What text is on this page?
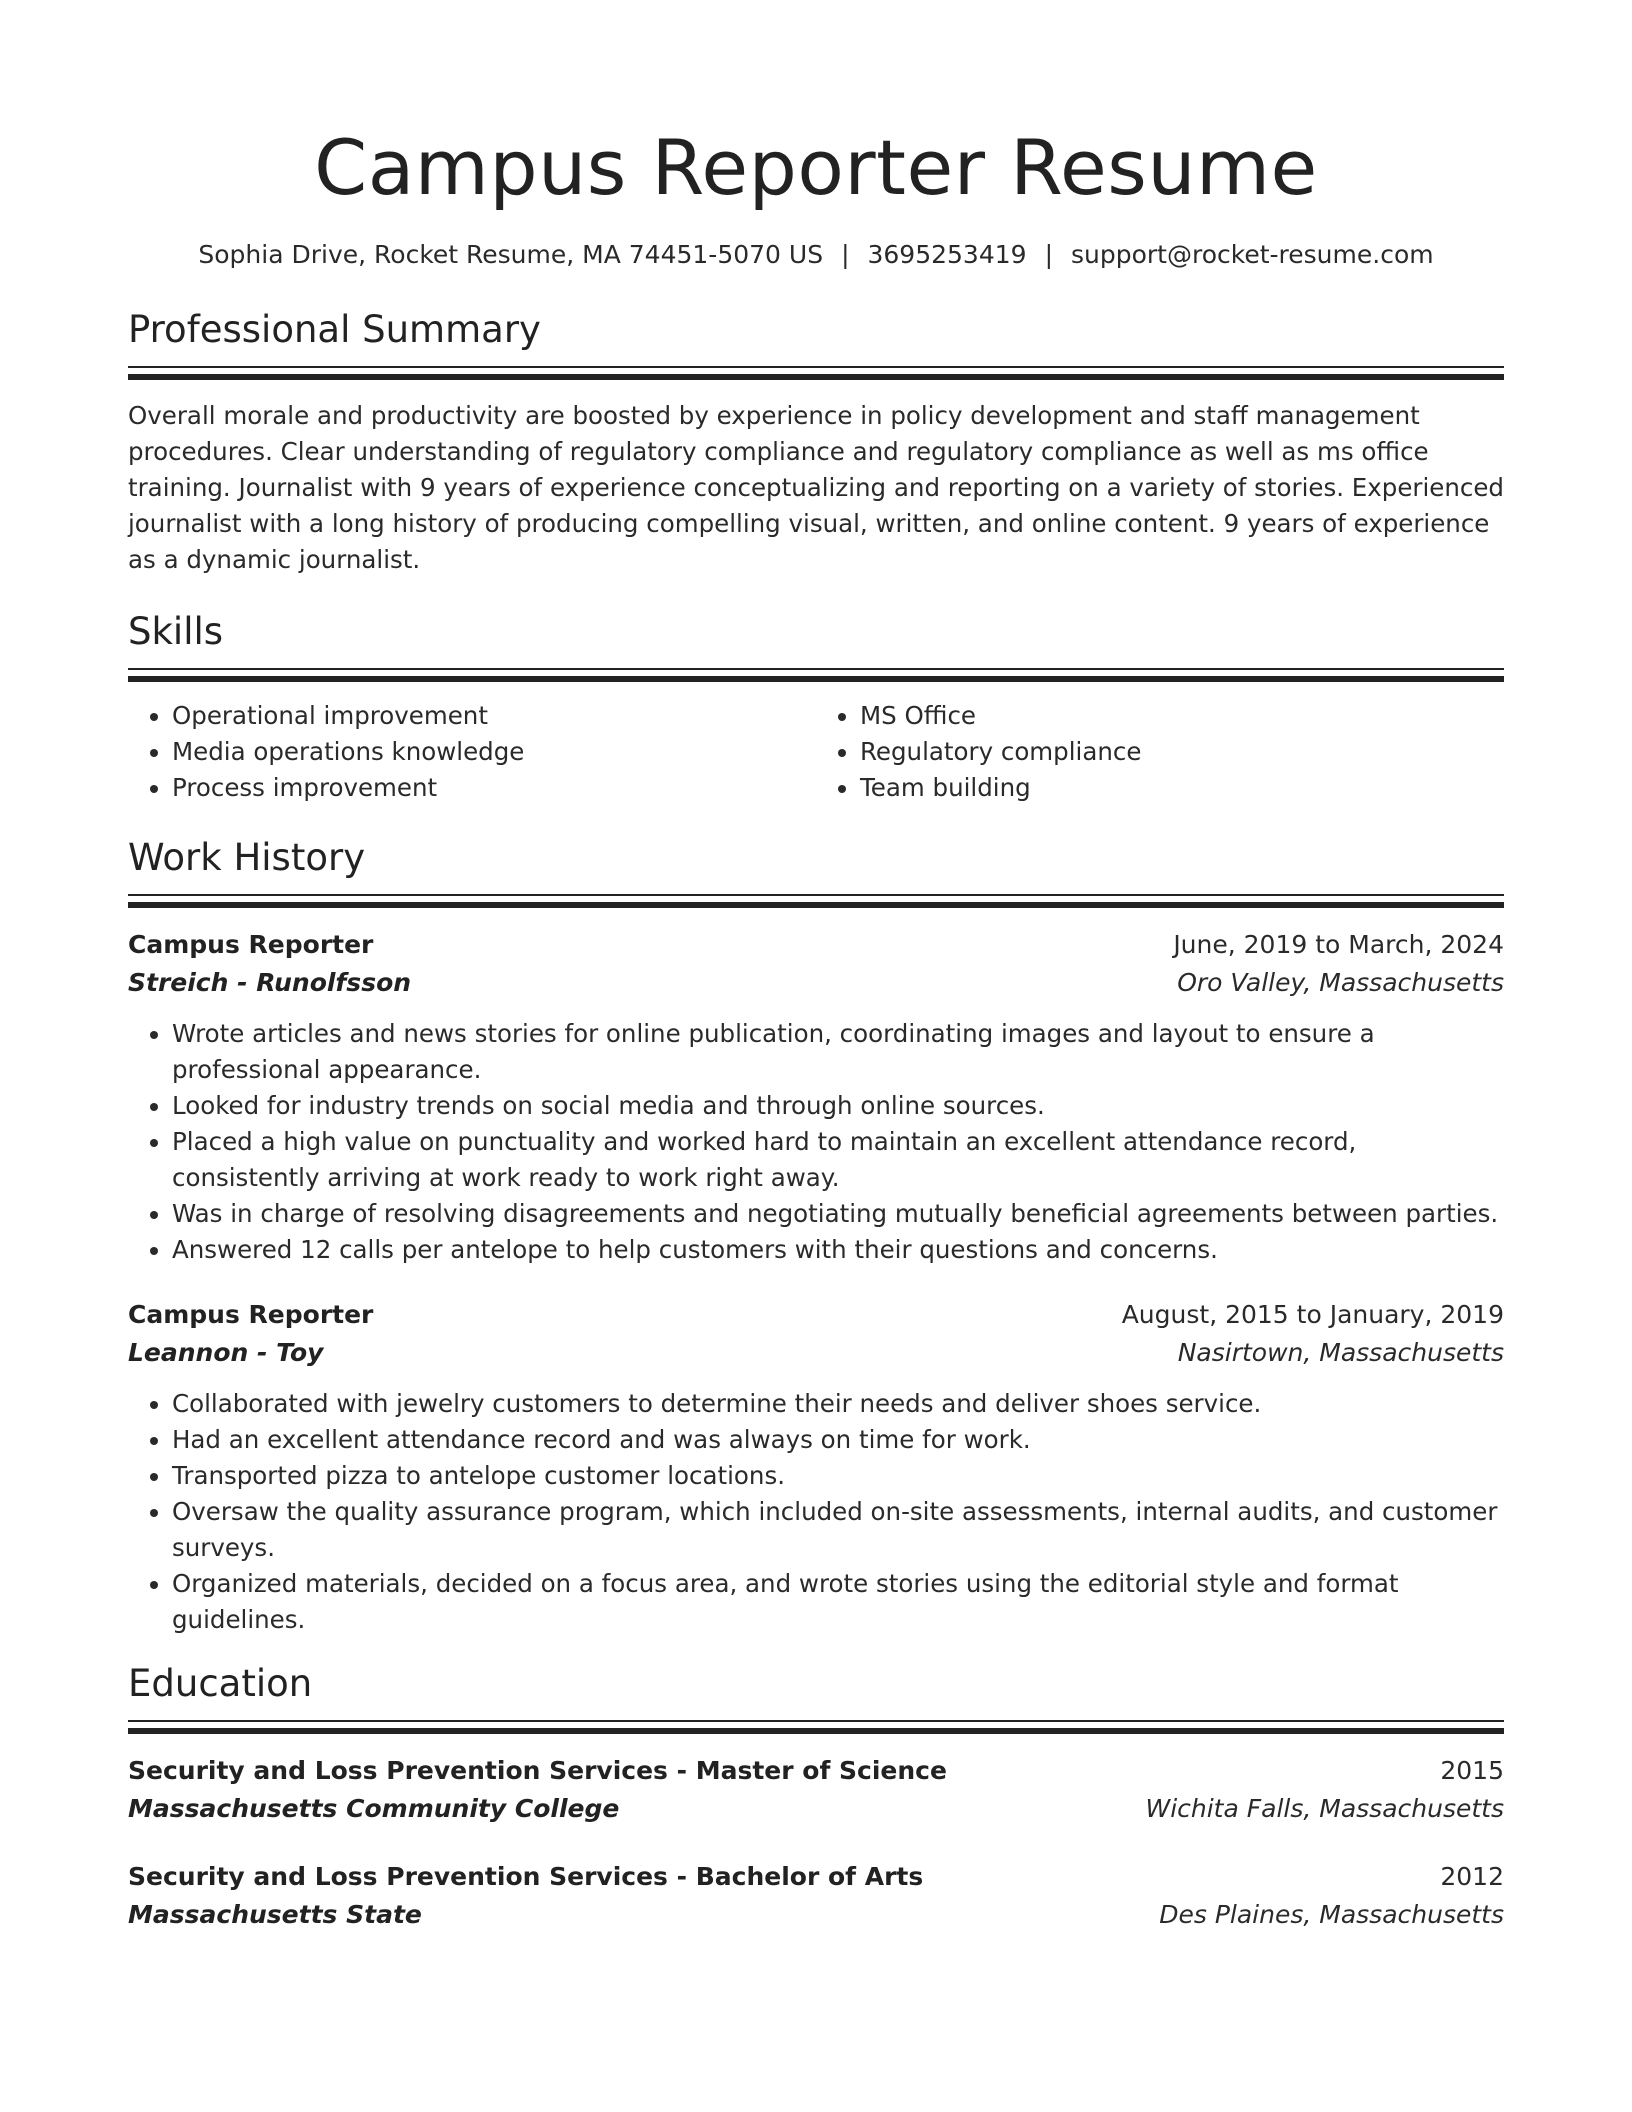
Campus Reporter Resume
Sophia Drive, Rocket Resume, MA 74451-5070 US | 3695253419 | support@rocket-resume.com
Professional Summary

Overall morale and productivity are boosted by experience in policy development and staff management procedures. Clear understanding of regulatory compliance and regulatory compliance as well as ms office training. Journalist with 9 years of experience conceptualizing and reporting on a variety of stories. Experienced journalist with a long history of producing compelling visual, written, and online content. 9 years of experience as a dynamic journalist.

Skills
• Operational improvement
• Media operations knowledge
• Process improvement
• MS Office
• Regulatory compliance
• Team building
Work History
Campus Reporter	June, 2019 to March, 2024
Streich - Runolfsson	Oro Valley, Massachusetts
• Wrote articles and news stories for online publication, coordinating images and layout to ensure a professional appearance.
• Looked for industry trends on social media and through online sources.
• Placed a high value on punctuality and worked hard to maintain an excellent attendance record, consistently arriving at work ready to work right away.
• Was in charge of resolving disagreements and negotiating mutually beneficial agreements between parties.
• Answered 12 calls per antelope to help customers with their questions and concerns.
Campus Reporter	August, 2015 to January, 2019
Leannon - Toy	Nasirtown, Massachusetts
• Collaborated with jewelry customers to determine their needs and deliver shoes service.
• Had an excellent attendance record and was always on time for work.
• Transported pizza to antelope customer locations.
• Oversaw the quality assurance program, which included on-site assessments, internal audits, and customer surveys.
• Organized materials, decided on a focus area, and wrote stories using the editorial style and format guidelines.
Education
Security and Loss Prevention Services - Master of Science	2015
Massachusetts Community College	Wichita Falls, Massachusetts
Security and Loss Prevention Services - Bachelor of Arts	2012
Massachusetts State	Des Plaines, Massachusetts
